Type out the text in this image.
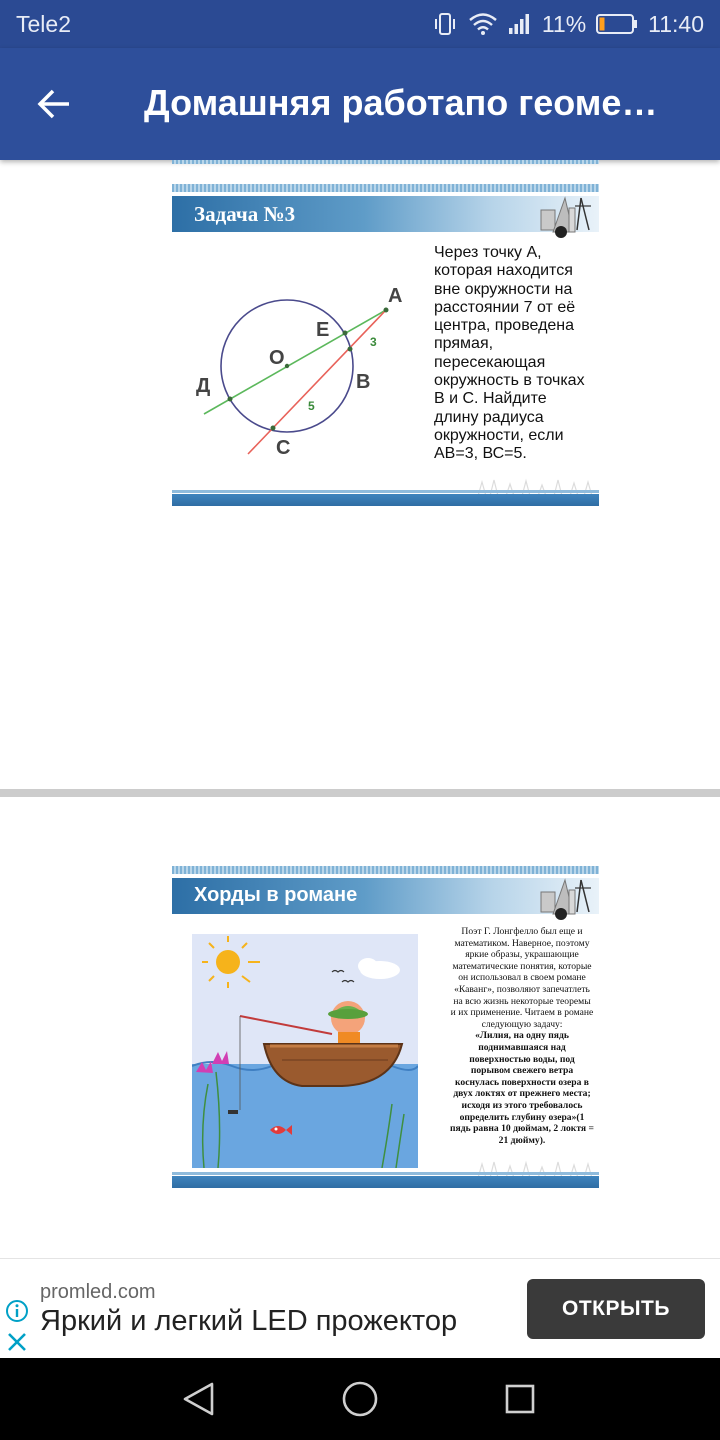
Tele2	11%	11:40
Домашняя работапо геоме…
Задача №3
А
Е
О
В
Д
С
3
5
Через точку А, которая находится вне окружности на расстоянии 7 от её центра, проведена прямая, пересекающая окружность в точках В и С. Найдите длину радиуса окружности, если АВ=3, ВС=5.
Хорды в романе
Поэт Г. Лонгфелло был еще и математиком. Наверное, поэтому яркие образы, украшающие математические понятия, которые он использовал в своем романе «Каванг», позволяют запечатлеть на всю жизнь некоторые теоремы и их применение. Читаем в романе следующую задачу:
«Лилия, на одну пядь поднимавшаяся над поверхностью воды, под порывом свежего ветра коснулась поверхности озера в двух локтях от прежнего места; исходя из этого требовалось определить глубину озера»(1 пядь равна 10 дюймам, 2 локтя = 21 дюйму).
promled.com
Яркий и легкий LED прожектор	ОТКРЫТЬ
